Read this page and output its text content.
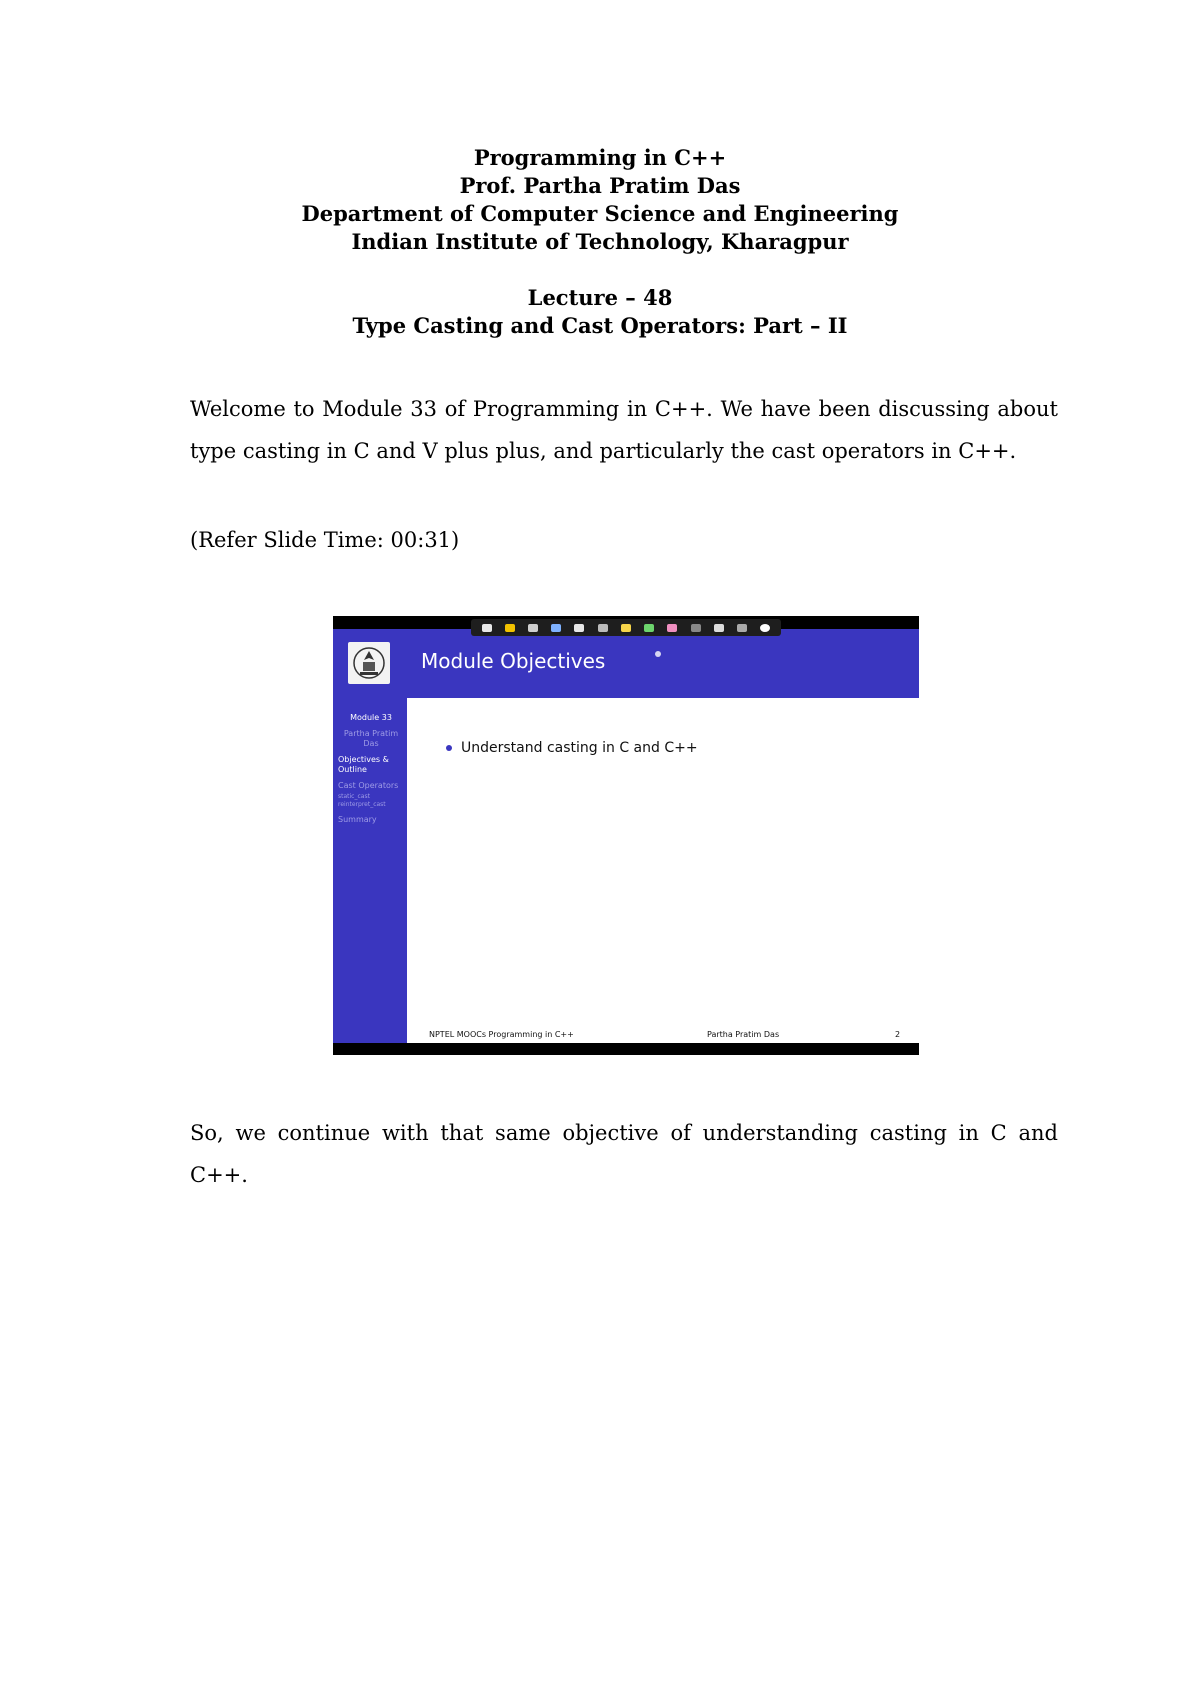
Programming in C++
Prof. Partha Pratim Das
Department of Computer Science and Engineering
Indian Institute of Technology, Kharagpur
Lecture – 48
Type Casting and Cast Operators: Part – II
Welcome to Module 33 of Programming in C++. We have been discussing about type casting in C and V plus plus, and particularly the cast operators in C++.
(Refer Slide Time: 00:31)
Module 33
Partha Pratim Das
Objectives & Outline
Cast Operators
static_cast
reinterpret_cast
Summary
Module Objectives
Understand casting in C and C++
NPTEL MOOCs Programming in C++	Partha Pratim Das	2
So, we continue with that same objective of understanding casting in C and C++.
